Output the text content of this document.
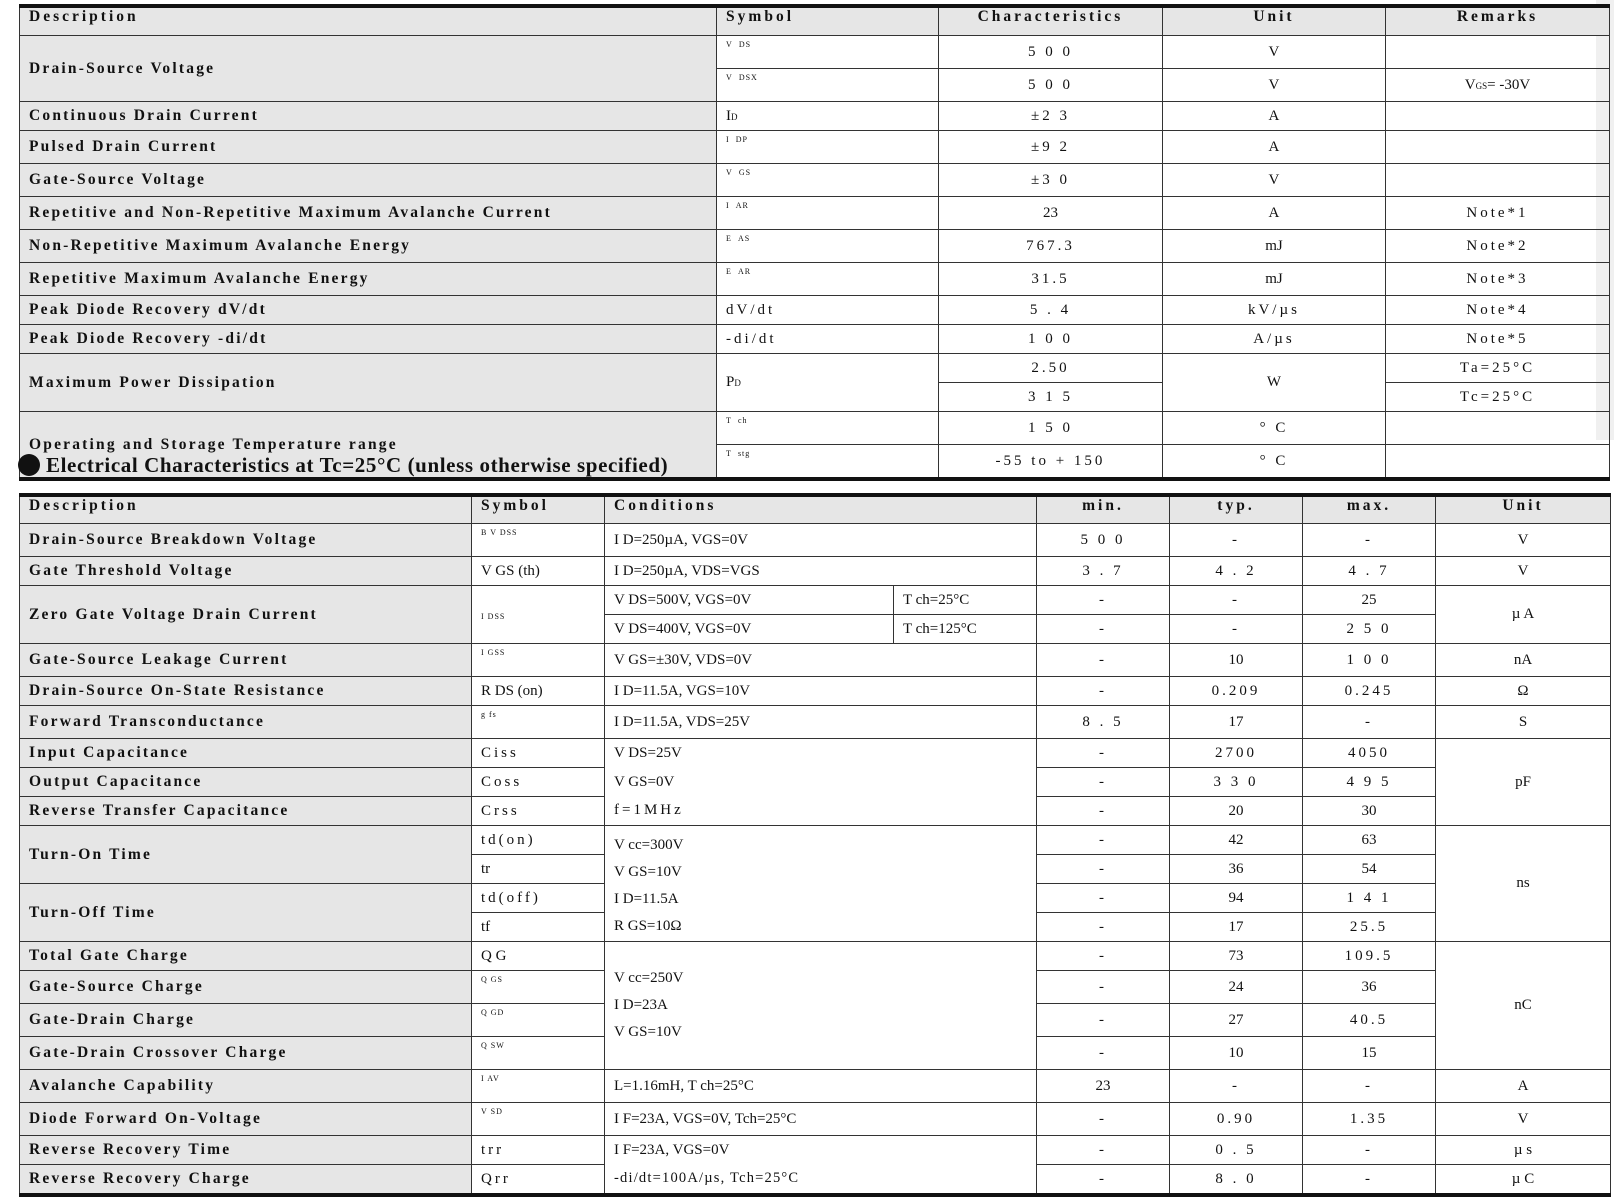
Description	Symbol	Characteristics	Unit	Remarks
Drain-Source Voltage	V DS	5 0 0	V	
	V DSX	5 0 0	V	VGS= -30V
Continuous Drain Current	ID	±2 3	A	
Pulsed Drain Current	I DP	±9 2	A	
Gate-Source Voltage	V GS	±3 0	V	
Repetitive and Non-Repetitive Maximum Avalanche Current	I AR	23	A	Note*1
Non-Repetitive Maximum Avalanche Energy	E AS	767.3	mJ	Note*2
Repetitive Maximum Avalanche Energy	E AR	31.5	mJ	Note*3
Peak Diode Recovery dV/dt	dV/dt	5 . 4	kV/µs	Note*4
Peak Diode Recovery -di/dt	-di/dt	1 0 0	A/µs	Note*5
Maximum Power Dissipation	PD	2.50	W	Ta=25°C
		3 1 5		Tc=25°C
Operating and Storage Temperature range	T ch	1 5 0	° C	
	T stg	-55 to + 150	° C	
Electrical Characteristics at Tc=25°C (unless otherwise specified)
Description	Symbol	Conditions		min.	typ.	max.	Unit
Drain-Source Breakdown Voltage	B V DSS	I D=250µA, VGS=0V		5 0 0	-	-	V
Gate Threshold Voltage	V GS (th)	I D=250µA, VDS=VGS		3 . 7	4 . 2	4 . 7	V
Zero Gate Voltage Drain Current	I DSS	V DS=500V, VGS=0V	T ch=25°C	-	-	25	µ A
		V DS=400V, VGS=0V	T ch=125°C	-	-	2 5 0	
Gate-Source Leakage Current	I GSS	V GS=±30V, VDS=0V		-	10	1 0 0	nA
Drain-Source On-State Resistance	R DS (on)	I D=11.5A, VGS=10V		-	0.209	0.245	Ω
Forward Transconductance	g fs	I D=11.5A, VDS=25V		8 . 5	17	-	S
Input Capacitance	Ciss	V DS=25V		-	2700	4050	pF
Output Capacitance	Coss	V GS=0V		-	3 3 0	4 9 5	
Reverse Transfer Capacitance	Crss	f=1MHz		-	20	30	
Turn-On Time	td(on)	V cc=300V
V GS=10V
I D=11.5A
R GS=10Ω		-	42	63	ns
	tr			-	36	54	
Turn-Off Time	td(off)			-	94	1 4 1	
	tf			-	17	25.5	
Total Gate Charge	Q G	V cc=250V
I D=23A
V GS=10V		-	73	109.5	nC
Gate-Source Charge	Q GS			-	24	36	
Gate-Drain Charge	Q GD			-	27	40.5	
Gate-Drain Crossover Charge	Q SW			-	10	15	
Avalanche Capability	I AV	L=1.16mH, T ch=25°C		23	-	-	A
Diode Forward On-Voltage	V SD	I F=23A, VGS=0V, Tch=25°C		-	0.90	1.35	V
Reverse Recovery Time	trr	I F=23A, VGS=0V		-	0 . 5	-	µ s
Reverse Recovery Charge	Qrr	-di/dt=100A/µs, Tch=25°C		-	8 . 0	-	µ C
